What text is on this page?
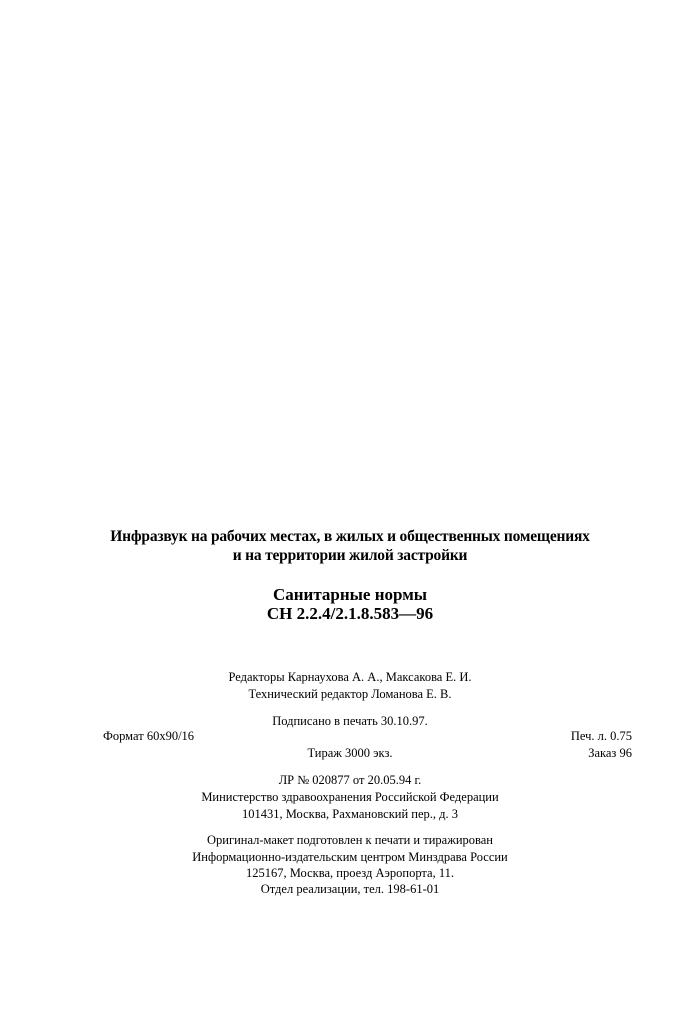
Инфразвук на рабочих местах, в жилых и общественных помещениях
и на территории жилой застройки
Санитарные нормы
СН 2.2.4/2.1.8.583—96
Редакторы Карнаухова А. А., Максакова Е. И.
Технический редактор Ломанова Е. В.
Подписано в печать 30.10.97.
Формат 60x90/16	Печ. л. 0.75
Тираж 3000 экз.	Заказ 96
ЛР № 020877 от 20.05.94 г.
Министерство здравоохранения Российской Федерации
101431, Москва, Рахмановский пер., д. 3
Оригинал-макет подготовлен к печати и тиражирован
Информационно-издательским центром Минздрава России
125167, Москва, проезд Аэропорта, 11.
Отдел реализации, тел. 198-61-01
